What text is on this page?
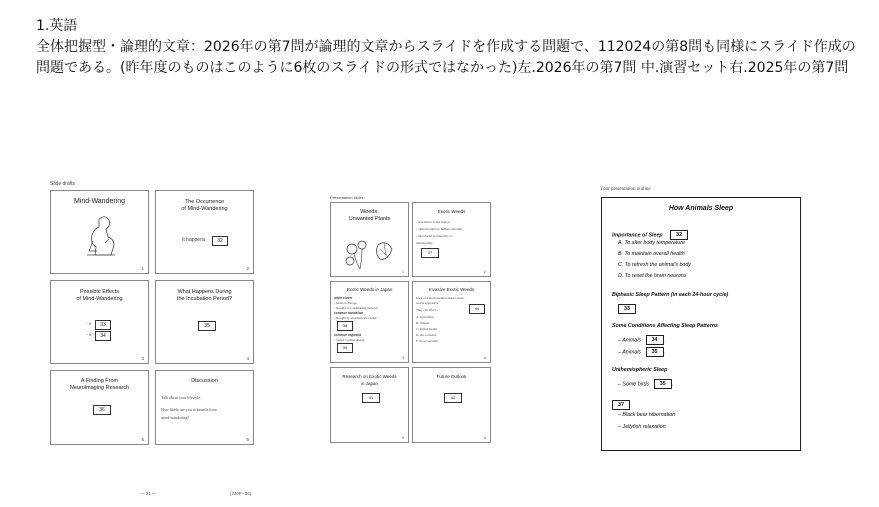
1.英語

全体把握型・論理的文章：2026年の第7問が論理的文章からスライドを作成する問題で、112024の第8問も同様にスライド作成の問題である。(昨年度のものはこのように6枚のスライドの形式ではなかった)左.2026年の第7問 中.演習セット右.2025年の第7問

Slide drafts
Mind-Wandering
1
The Occurrence
of Mind-Wandering
It happens	32
2
Possible Effects
of Mind-Wandering
・It	33
・It	34
3
What Happens During
the Incubation Period?
35
4
A Finding From
Neuroimaging Research
36
5
Discussion
Talk about your lifestyle.
How likely are you to benefit from
mind-wandering?
6
— 31 —	(2J0P--36)
Presentation slides:
Weeds:
Unwanted Plants
1
Exotic Weeds
- non-native to the region
- often brought by human activities
- introduced accidentally or
intentionally
37
2
Exotic Weeds in Japan
white clover
- native to Europe
- brought as a cushioning material
common dandelion
- brought by an American teacher
38
common ragweed
- causes a pollen allergy
39
3
Invasive Exotic Weeds
Lack of natural enemies makes exotic
weeds aggressive.
They can affect...	40
A. agriculture.
B. climate.
C. human health.
D. the economy.
E. the ecosystem.
4
Research on Exotic Weeds
in Japan
41
5
Future Outlook
42
6
Your presentation outline
How Animals Sleep
Importance of Sleep	32
A. To alter body temperature
B. To maintain overall health
C. To refresh the animal's body
D. To reset the brain neurons
Biphasic Sleep Pattern (in each 24-hour cycle)
33
Some Conditions Affecting Sleep Patterns
– Animals 34 .
– Animals 35 .
Unihemispheric Sleep
– Some birds 35 .
37
– Black bear hibernation
– Jellyfish relaxation
